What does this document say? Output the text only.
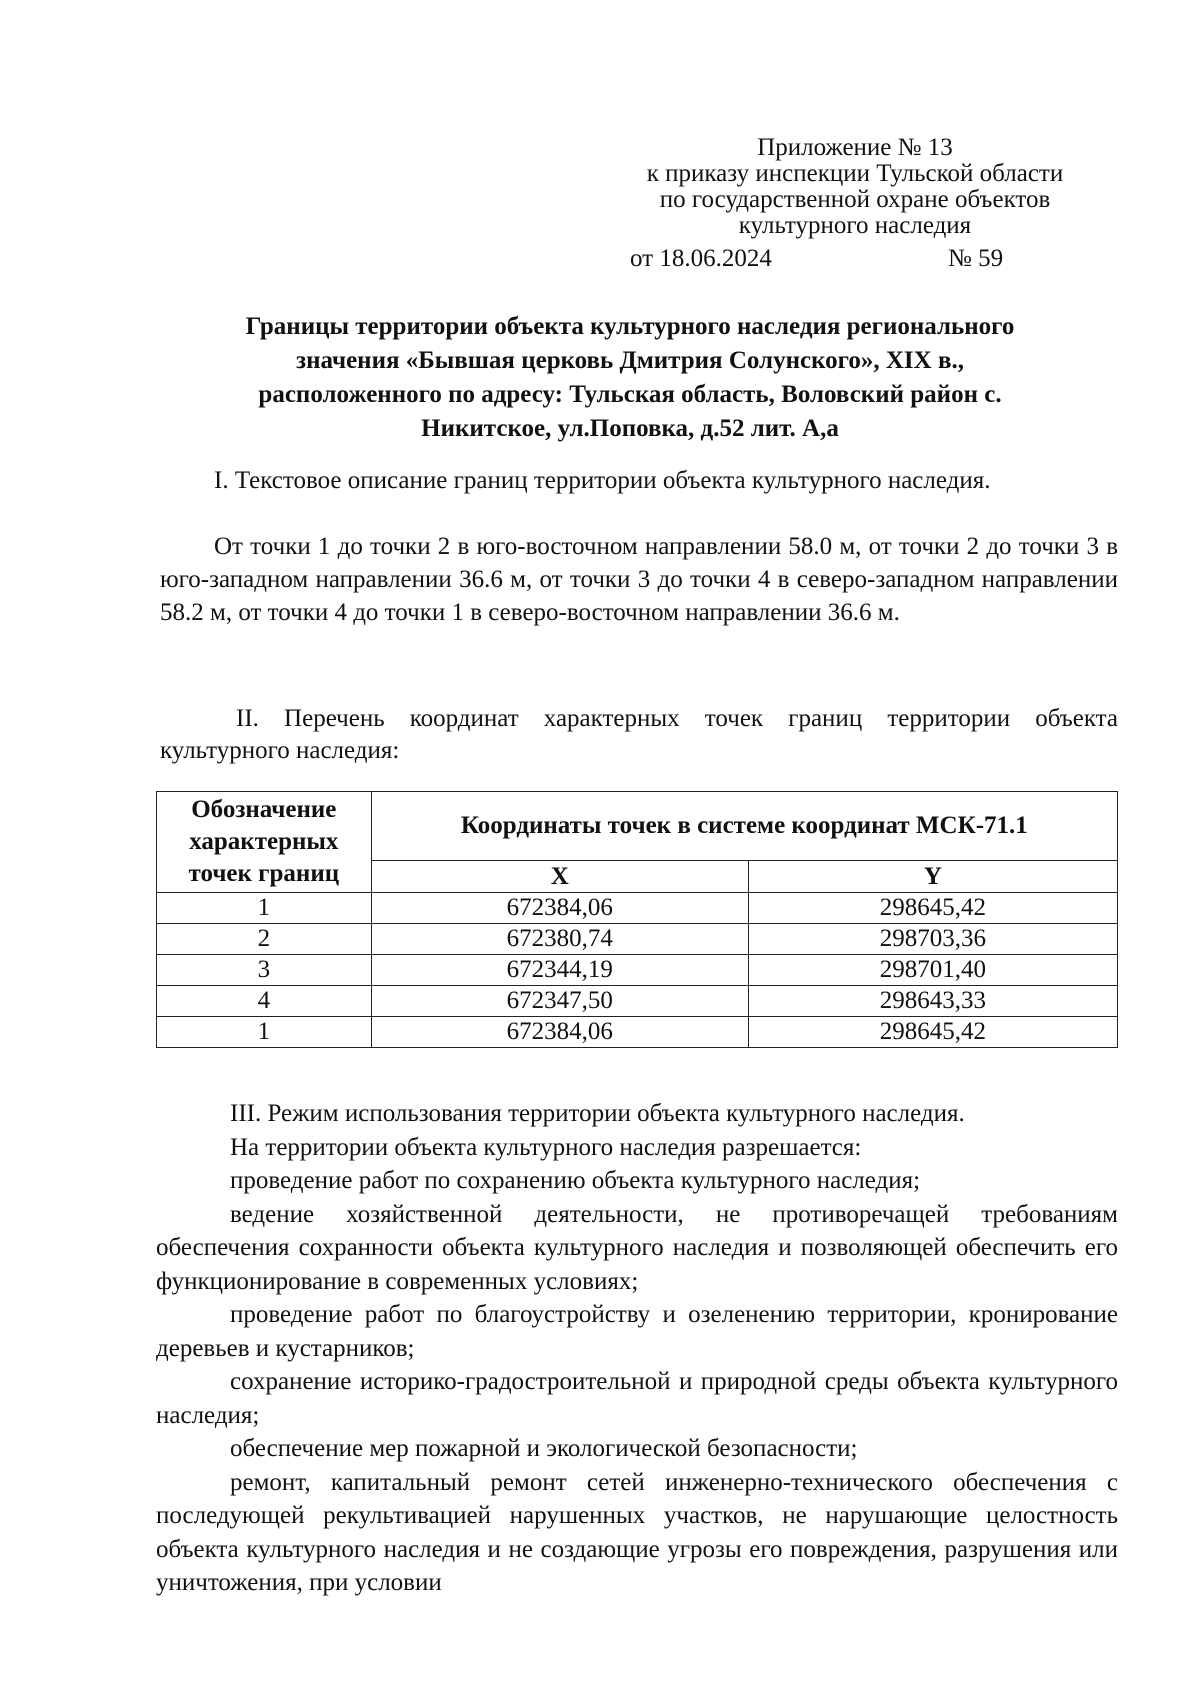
Приложение № 13
к приказу инспекции Тульской области
по государственной охране объектов
культурного наследия
от 18.06.2024	№ 59
Границы территории объекта культурного наследия регионального
значения «Бывшая церковь Дмитрия Солунского», XIX в.,
расположенного по адресу: Тульская область, Воловский район с.
Никитское, ул.Поповка, д.52 лит. А,а

I. Текстовое описание границ территории объекта культурного наследия.

От точки 1 до точки 2 в юго-восточном направлении 58.0 м, от точки 2 до точки 3 в юго-западном направлении 36.6 м, от точки 3 до точки 4 в северо-западном направлении 58.2 м, от точки 4 до точки 1 в северо-восточном направлении 36.6 м.

II. Перечень координат характерных точек границ территории объекта культурного наследия:

Обозначение характерных точек границ	Координаты точек в системе координат МСК-71.1	
	X	Y
1	672384,06	298645,42
2	672380,74	298703,36
3	672344,19	298701,40
4	672347,50	298643,33
1	672384,06	298645,42

III. Режим использования территории объекта культурного наследия.

На территории объекта культурного наследия разрешается:

проведение работ по сохранению объекта культурного наследия;

ведение хозяйственной деятельности, не противоречащей требованиям обеспечения сохранности объекта культурного наследия и позволяющей обеспечить его функционирование в современных условиях;

проведение работ по благоустройству и озеленению территории, кронирование деревьев и кустарников;

сохранение историко-градостроительной и природной среды объекта культурного наследия;

обеспечение мер пожарной и экологической безопасности;

ремонт, капитальный ремонт сетей инженерно-технического обеспечения с последующей рекультивацией нарушенных участков, не нарушающие целостность объекта культурного наследия и не создающие угрозы его повреждения, разрушения или уничтожения, при условии
